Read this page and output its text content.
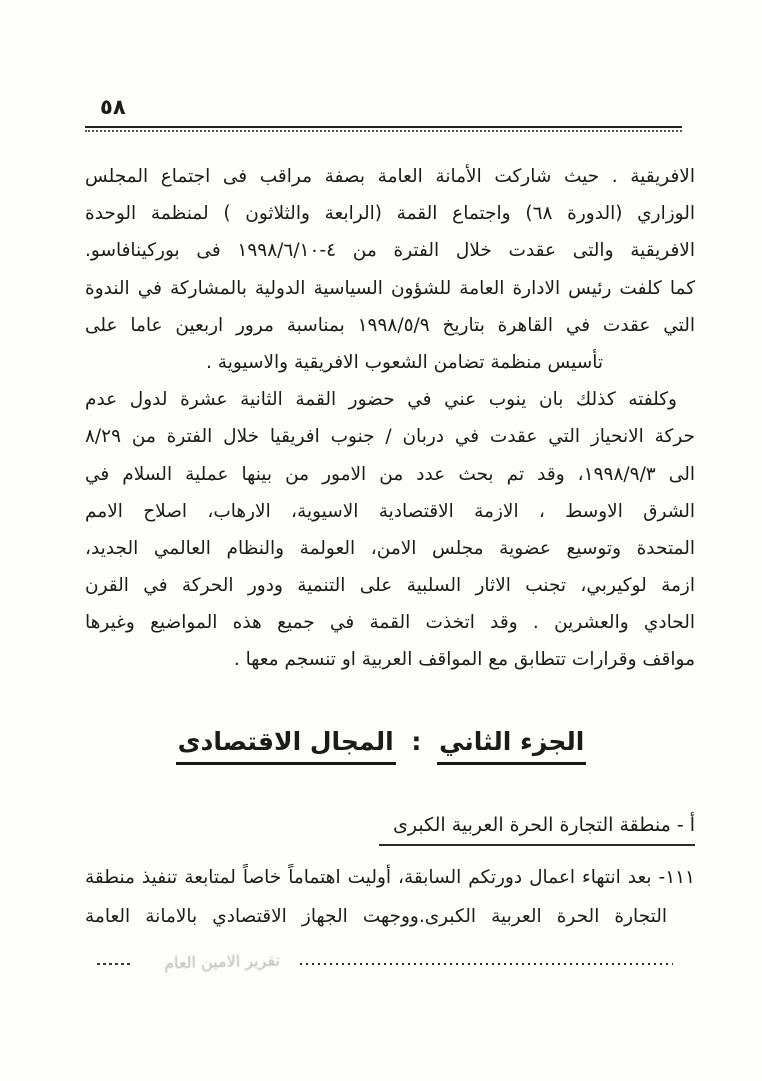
٥٨
الافريقية . حيث شاركت الأمانة العامة بصفة مراقب فى اجتماع المجلس
الوزاري (الدورة ٦٨) واجتماع القمة (الرابعة والثلاثون ) لمنظمة الوحدة
الافريقية والتى عقدت خلال الفترة من ٤-١٩٩٨/٦/١٠ فى بوركينافاسو.
كما كلفت رئيس الادارة العامة للشؤون السياسية الدولية بالمشاركة في الندوة
التي عقدت في القاهرة بتاريخ ١٩٩٨/٥/٩ بمناسبة مرور اربعين عاما على
تأسيس منظمة تضامن الشعوب الافريقية والاسيوية .
وكلفته كذلك بان ينوب عني في حضور القمة الثانية عشرة لدول عدم
حركة الانحياز التي عقدت في دربان / جنوب افريقيا خلال الفترة من ٨/٢٩
الى ١٩٩٨/٩/٣، وقد تم بحث عدد من الامور من بينها عملية السلام في
الشرق الاوسط ، الازمة الاقتصادية الاسيوية، الارهاب، اصلاح الامم
المتحدة وتوسيع عضوية مجلس الامن، العولمة والنظام العالمي الجديد،
ازمة لوكيربي، تجنب الاثار السلبية على التنمية ودور الحركة في القرن
الحادي والعشرين . وقد اتخذت القمة في جميع هذه المواضيع وغيرها
مواقف وقرارات تتطابق مع المواقف العربية او تنسجم معها .
الجزء الثاني : المجال الاقتصادى
أ - منطقة التجارة الحرة العربية الكبرى
١١١- بعد انتهاء اعمال دورتكم السابقة، أوليت اهتماماً خاصاً لمتابعة تنفيذ منطقة
التجارة الحرة العربية الكبرى.ووجهت الجهاز الاقتصادي بالامانة العامة
تقرير الامين العام
